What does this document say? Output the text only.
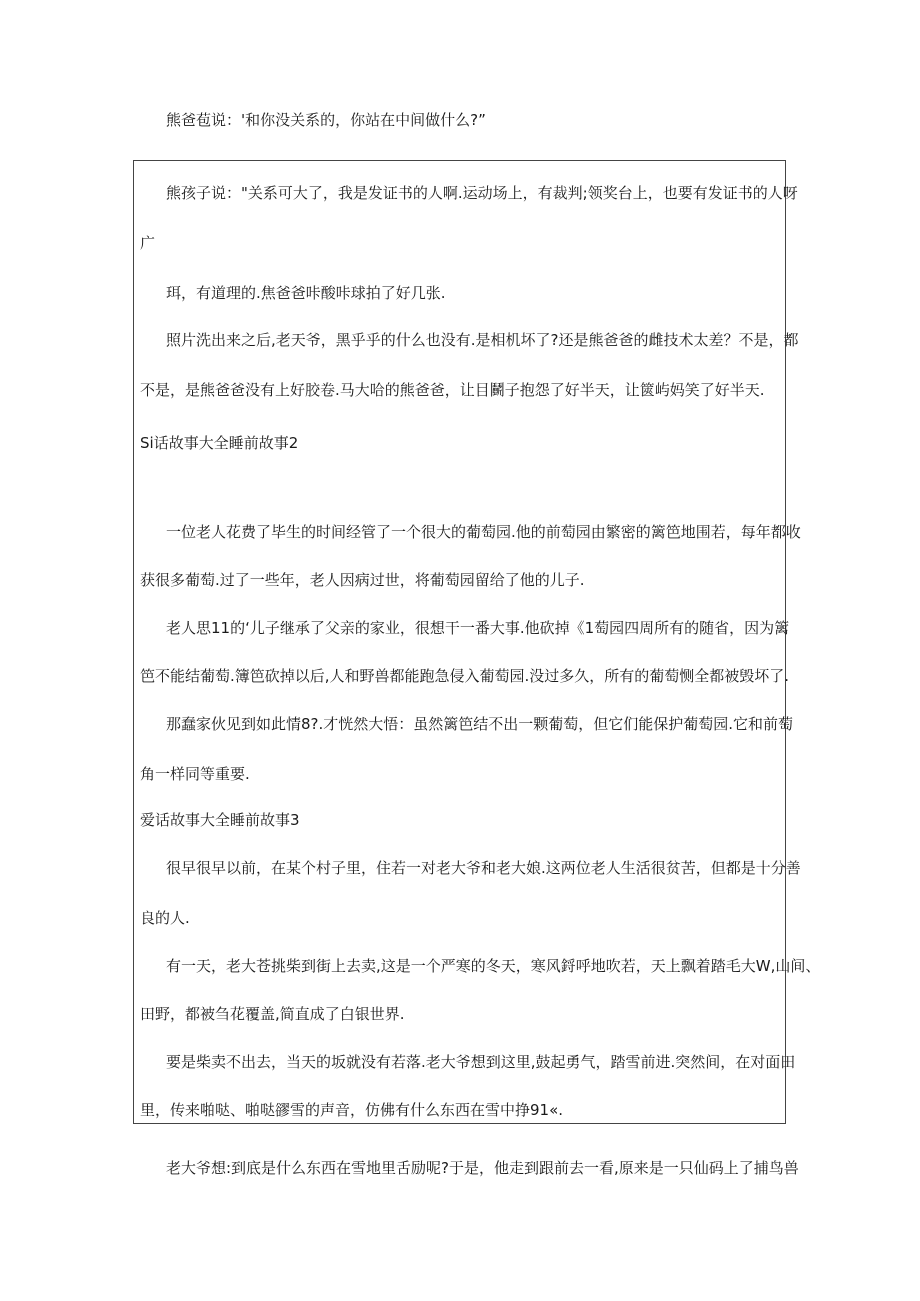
熊爸苞说：'和你没关系的，你站在中间做什么?”

熊孩子说："关系可大了，我是发证书的人啊.运动场上，有裁判;领奖台上，也要有发证书的人呀

广

珥，有道理的.焦爸爸咔酸咔球拍了好几张.

照片洗出来之后,老天爷，黑乎乎的什么也没有.是相机坏了?还是熊爸爸的雌技术太差？不是，都

不是，是熊爸爸没有上好胶卷.马大哈的熊爸爸，让目鬭子抱怨了好半天，让篋屿妈笑了好半天.

Si话故事大全睡前故事2

一位老人花费了毕生的时间经管了一个很大的葡萄园.他的前萄园由繁密的篱笆地围若，每年都收

获很多葡萄.过了一些年，老人因病过世，将葡萄园留给了他的儿子.

老人思11的‘儿子继承了父亲的家业，很想干一番大事.他砍掉《1萄园四周所有的随省，因为篱

笆不能结葡萄.簿笆砍掉以后,人和野兽都能跑急侵入葡萄园.没过多久，所有的葡萄恻全都被毁坏了.

那蠢家伙见到如此情8?.才恍然大悟：虽然篱笆结不出一颗葡萄，但它们能保护葡萄园.它和前萄

角一样同等重要.

爱话故事大全睡前故事3

很早很早以前，在某个村子里，住若一对老大爷和老大娘.这两位老人生活很贫苦，但都是十分善

良的人.

有一天，老大苍挑柴到街上去卖,这是一个严寒的冬天，寒风鋝呼地吹若，天上飘着踏毛大W,山间、

田野，都被刍花覆盖,简直成了白银世界.

要是柴卖不出去，当天的坂就没有若落.老大爷想到这里,鼓起勇气，踏雪前进.突然间，在对面田

里，传来啪哒、啪哒豂雪的声音，仿佛有什么东西在雪中挣91«.

老大爷想:到底是什么东西在雪地里舌励呢?于是，他走到跟前去一看,原来是一只仙码上了捕鸟兽
